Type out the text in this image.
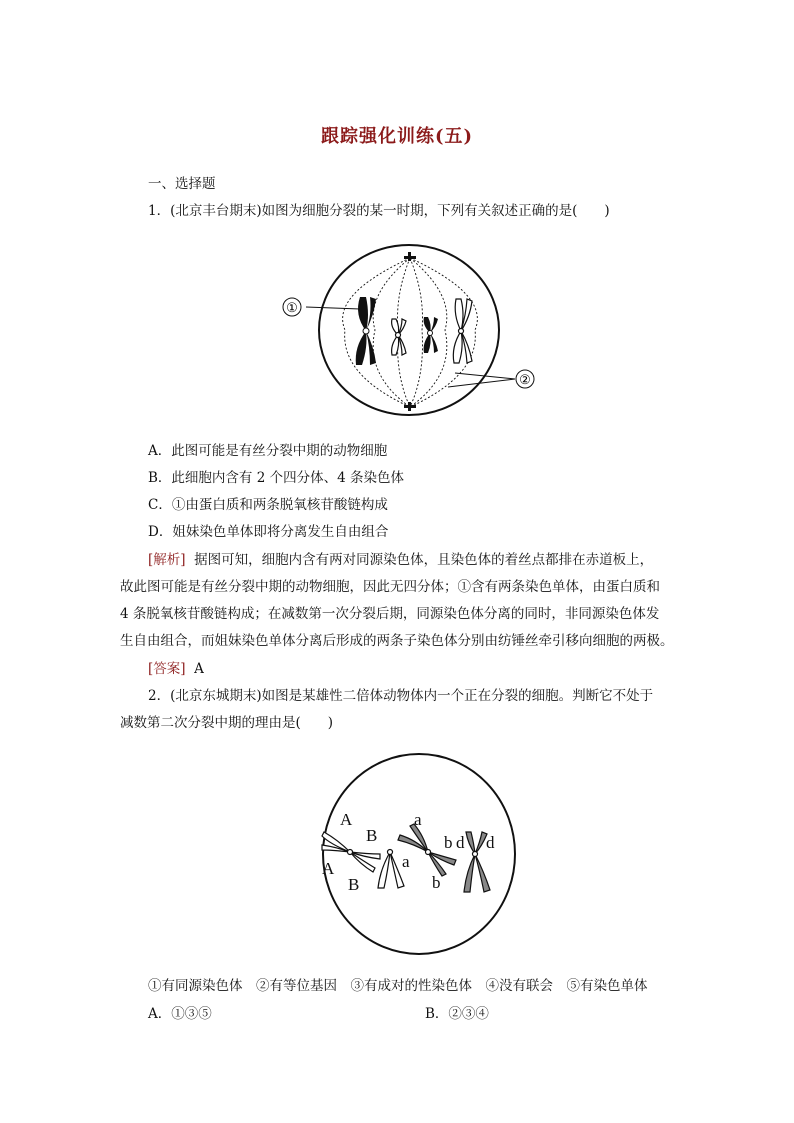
跟踪强化训练(五)
一、选择题
1．(北京丰台期末)如图为细胞分裂的某一时期，下列有关叙述正确的是(　　)
①
②
A．此图可能是有丝分裂中期的动物细胞
B．此细胞内含有 2 个四分体、4 条染色体
C．①由蛋白质和两条脱氧核苷酸链构成
D．姐妹染色单体即将分离发生自由组合
[解析] 据图可知，细胞内含有两对同源染色体，且染色体的着丝点都排在赤道板上，
故此图可能是有丝分裂中期的动物细胞，因此无四分体；①含有两条染色单体，由蛋白质和
4 条脱氧核苷酸链构成；在减数第一次分裂后期，同源染色体分离的同时，非同源染色体发
生自由组合，而姐妹染色单体分离后形成的两条子染色体分别由纺锤丝牵引移向细胞的两极。
[答案] A
2．(北京东城期末)如图是某雄性二倍体动物体内一个正在分裂的细胞。判断它不处于
减数第二次分裂中期的理由是(　　)
A
B
A
B
a
a
b d
b
d
①有同源染色体　②有等位基因　③有成对的性染色体　④没有联会　⑤有染色单体
A．①③⑤	B．②③④
